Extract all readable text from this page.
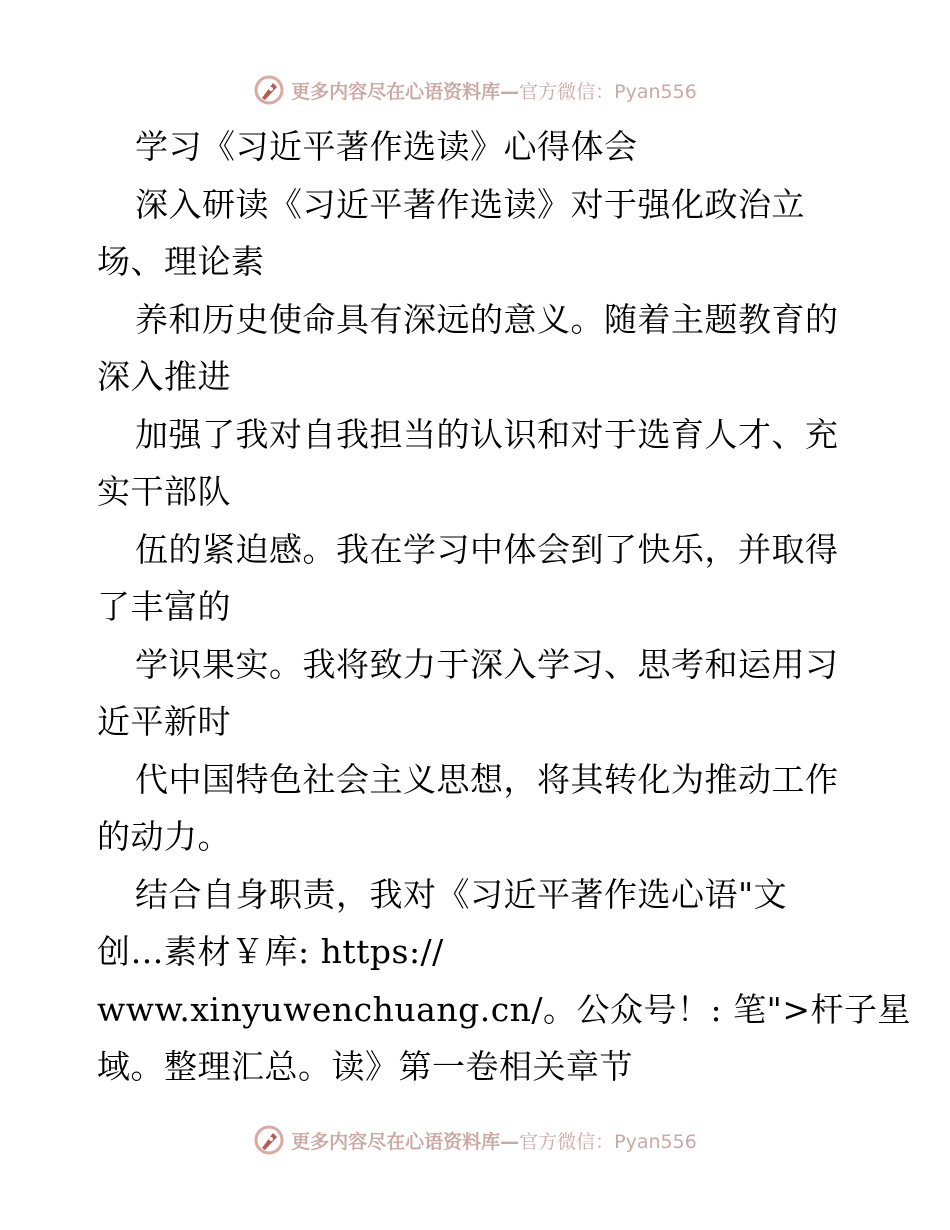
更多内容尽在心语资料库—官方微信：Pyan556
学习《习近平著作选读》心得体会
深入研读《习近平著作选读》对于强化政治立
场、理论素
养和历史使命具有深远的意义。随着主题教育的
深入推进
加强了我对自我担当的认识和对于选育人才、充
实干部队
伍的紧迫感。我在学习中体会到了快乐，并取得
了丰富的
学识果实。我将致力于深入学习、思考和运用习
近平新时
代中国特色社会主义思想，将其转化为推动工作
的动力。
结合自身职责，我对《习近平著作选心语"文
创…素材￥库: https://
www.xinyuwenchuang.cn/。公众号！: 笔">杆子星
域。整理汇总。读》第一卷相关章节
更多内容尽在心语资料库—官方微信：Pyan556
